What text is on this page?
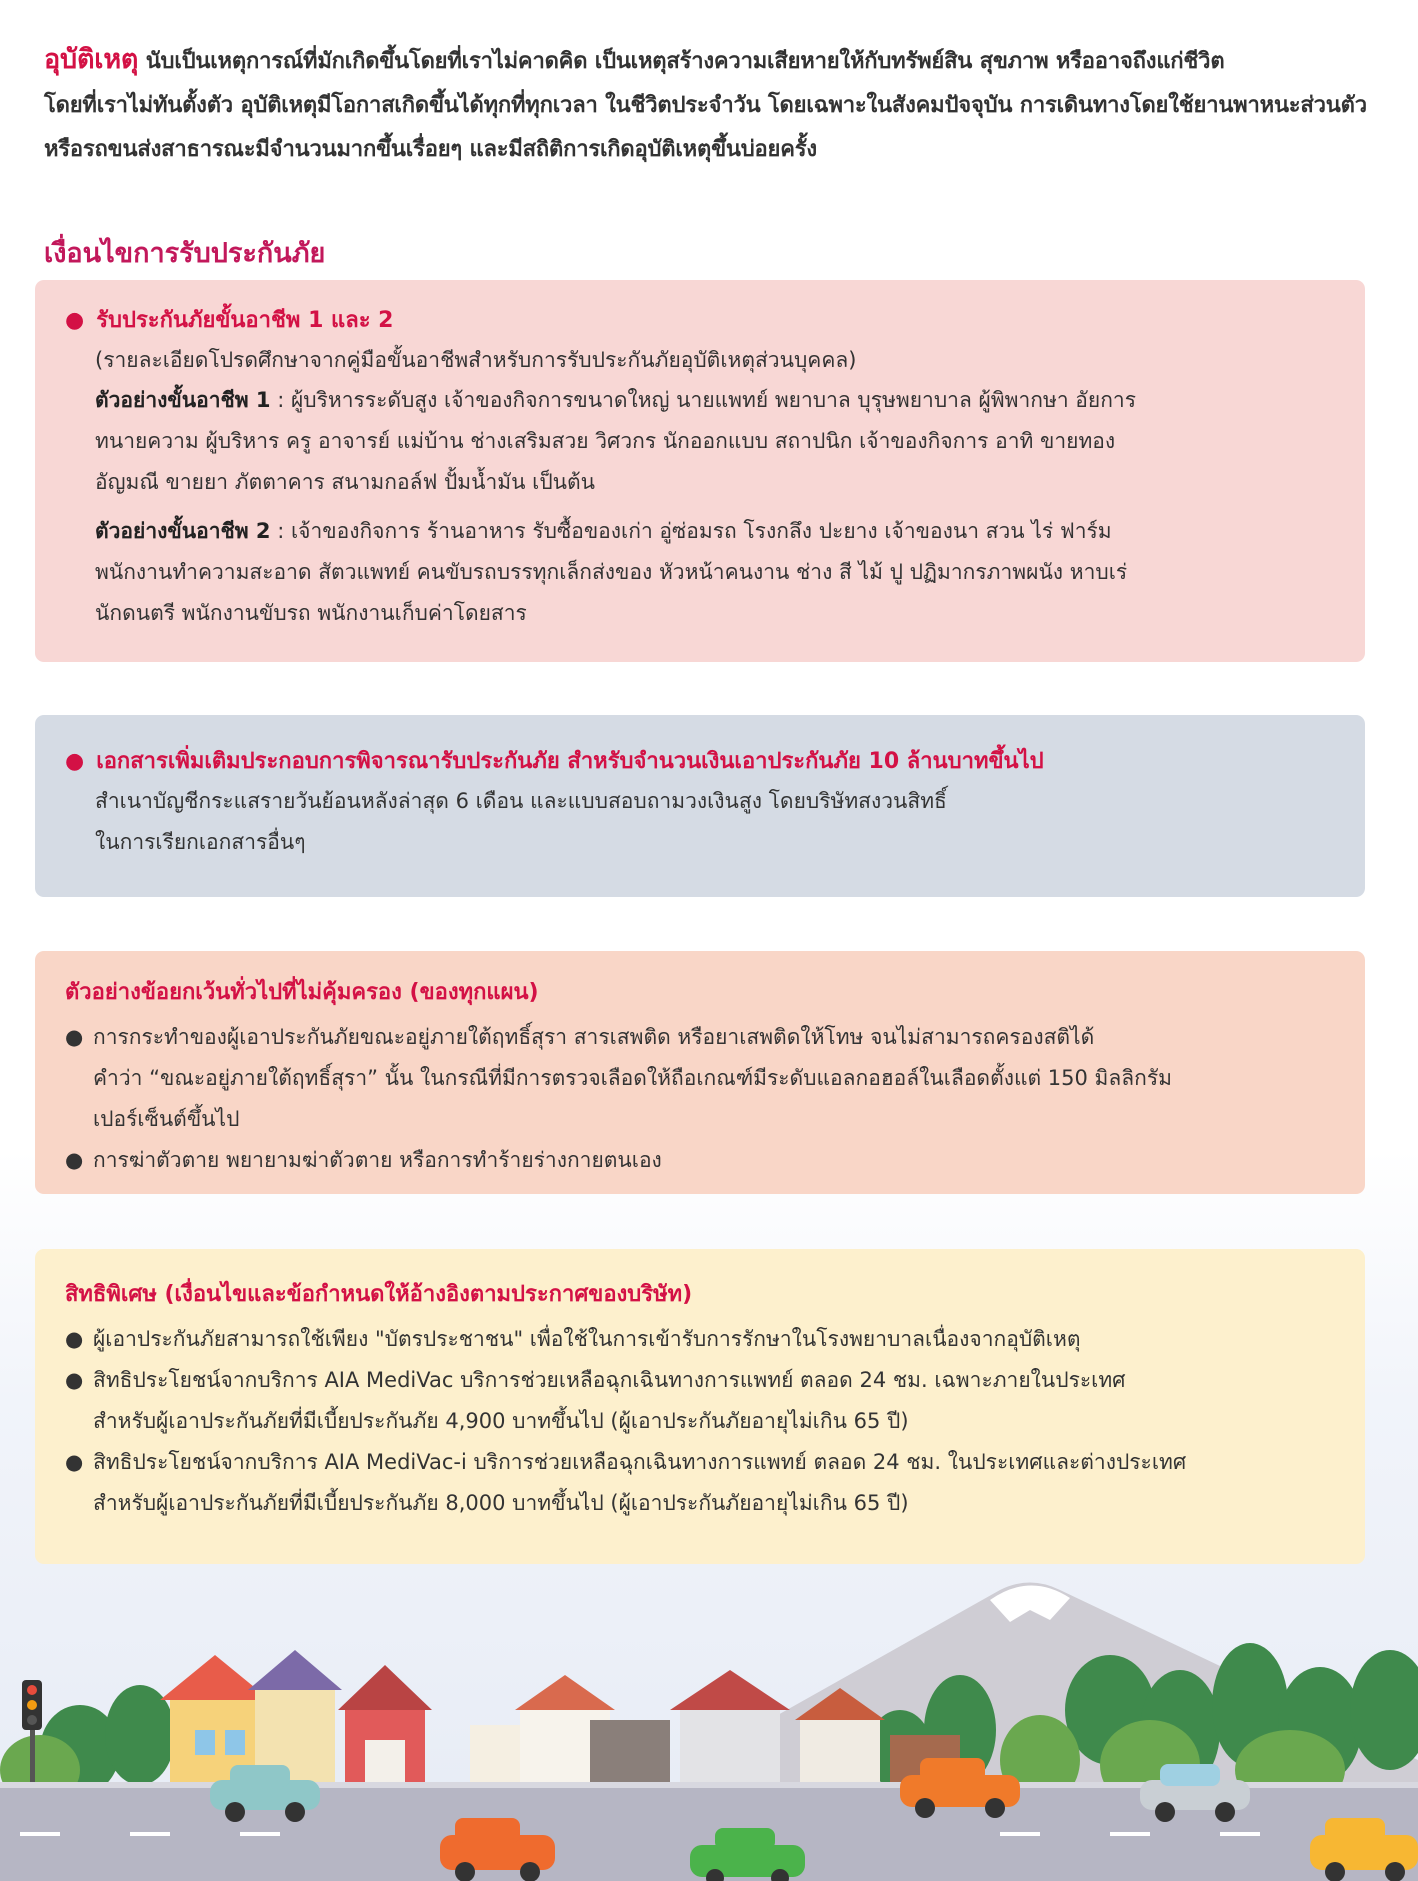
อุบัติเหตุ นับเป็นเหตุการณ์ที่มักเกิดขึ้นโดยที่เราไม่คาดคิด เป็นเหตุสร้างความเสียหายให้กับทรัพย์สิน สุขภาพ หรืออาจถึงแก่ชีวิต
โดยที่เราไม่ทันตั้งตัว อุบัติเหตุมีโอกาสเกิดขึ้นได้ทุกที่ทุกเวลา ในชีวิตประจำวัน โดยเฉพาะในสังคมปัจจุบัน การเดินทางโดยใช้ยานพาหนะส่วนตัว
หรือรถขนส่งสาธารณะมีจำนวนมากขึ้นเรื่อยๆ และมีสถิติการเกิดอุบัติเหตุขึ้นบ่อยครั้ง
เงื่อนไขการรับประกันภัย
● รับประกันภัยขั้นอาชีพ 1 และ 2
(รายละเอียดโปรดศึกษาจากคู่มือขั้นอาชีพสำหรับการรับประกันภัยอุบัติเหตุส่วนบุคคล)
ตัวอย่างขั้นอาชีพ 1 : ผู้บริหารระดับสูง เจ้าของกิจการขนาดใหญ่ นายแพทย์ พยาบาล บุรุษพยาบาล ผู้พิพากษา อัยการ
ทนายความ ผู้บริหาร ครู อาจารย์ แม่บ้าน ช่างเสริมสวย วิศวกร นักออกแบบ สถาปนิก เจ้าของกิจการ อาทิ ขายทอง
อัญมณี ขายยา ภัตตาคาร สนามกอล์ฟ ปั้มน้ำมัน เป็นต้น
ตัวอย่างขั้นอาชีพ 2 : เจ้าของกิจการ ร้านอาหาร รับซื้อของเก่า อู่ซ่อมรถ โรงกลึง ปะยาง เจ้าของนา สวน ไร่ ฟาร์ม
พนักงานทำความสะอาด สัตวแพทย์ คนขับรถบรรทุกเล็กส่งของ หัวหน้าคนงาน ช่าง สี ไม้ ปู ปฏิมากรภาพผนัง หาบเร่
นักดนตรี พนักงานขับรถ พนักงานเก็บค่าโดยสาร
● เอกสารเพิ่มเติมประกอบการพิจารณารับประกันภัย สำหรับจำนวนเงินเอาประกันภัย 10 ล้านบาทขึ้นไป
สำเนาบัญชีกระแสรายวันย้อนหลังล่าสุด 6 เดือน และแบบสอบถามวงเงินสูง โดยบริษัทสงวนสิทธิ์
ในการเรียกเอกสารอื่นๆ
ตัวอย่างข้อยกเว้นทั่วไปที่ไม่คุ้มครอง (ของทุกแผน)
● การกระทำของผู้เอาประกันภัยขณะอยู่ภายใต้ฤทธิ์สุรา สารเสพติด หรือยาเสพติดให้โทษ จนไม่สามารถครองสติได้
คำว่า “ขณะอยู่ภายใต้ฤทธิ์สุรา” นั้น ในกรณีที่มีการตรวจเลือดให้ถือเกณฑ์มีระดับแอลกอฮอล์ในเลือดตั้งแต่ 150 มิลลิกรัม
เปอร์เซ็นต์ขึ้นไป
● การฆ่าตัวตาย พยายามฆ่าตัวตาย หรือการทำร้ายร่างกายตนเอง
สิทธิพิเศษ (เงื่อนไขและข้อกำหนดให้อ้างอิงตามประกาศของบริษัท)
● ผู้เอาประกันภัยสามารถใช้เพียง "บัตรประชาชน" เพื่อใช้ในการเข้ารับการรักษาในโรงพยาบาลเนื่องจากอุบัติเหตุ
● สิทธิประโยชน์จากบริการ AIA MediVac บริการช่วยเหลือฉุกเฉินทางการแพทย์ ตลอด 24 ชม. เฉพาะภายในประเทศ
สำหรับผู้เอาประกันภัยที่มีเบี้ยประกันภัย 4,900 บาทขึ้นไป (ผู้เอาประกันภัยอายุไม่เกิน 65 ปี)
● สิทธิประโยชน์จากบริการ AIA MediVac-i บริการช่วยเหลือฉุกเฉินทางการแพทย์ ตลอด 24 ชม. ในประเทศและต่างประเทศ
สำหรับผู้เอาประกันภัยที่มีเบี้ยประกันภัย 8,000 บาทขึ้นไป (ผู้เอาประกันภัยอายุไม่เกิน 65 ปี)
